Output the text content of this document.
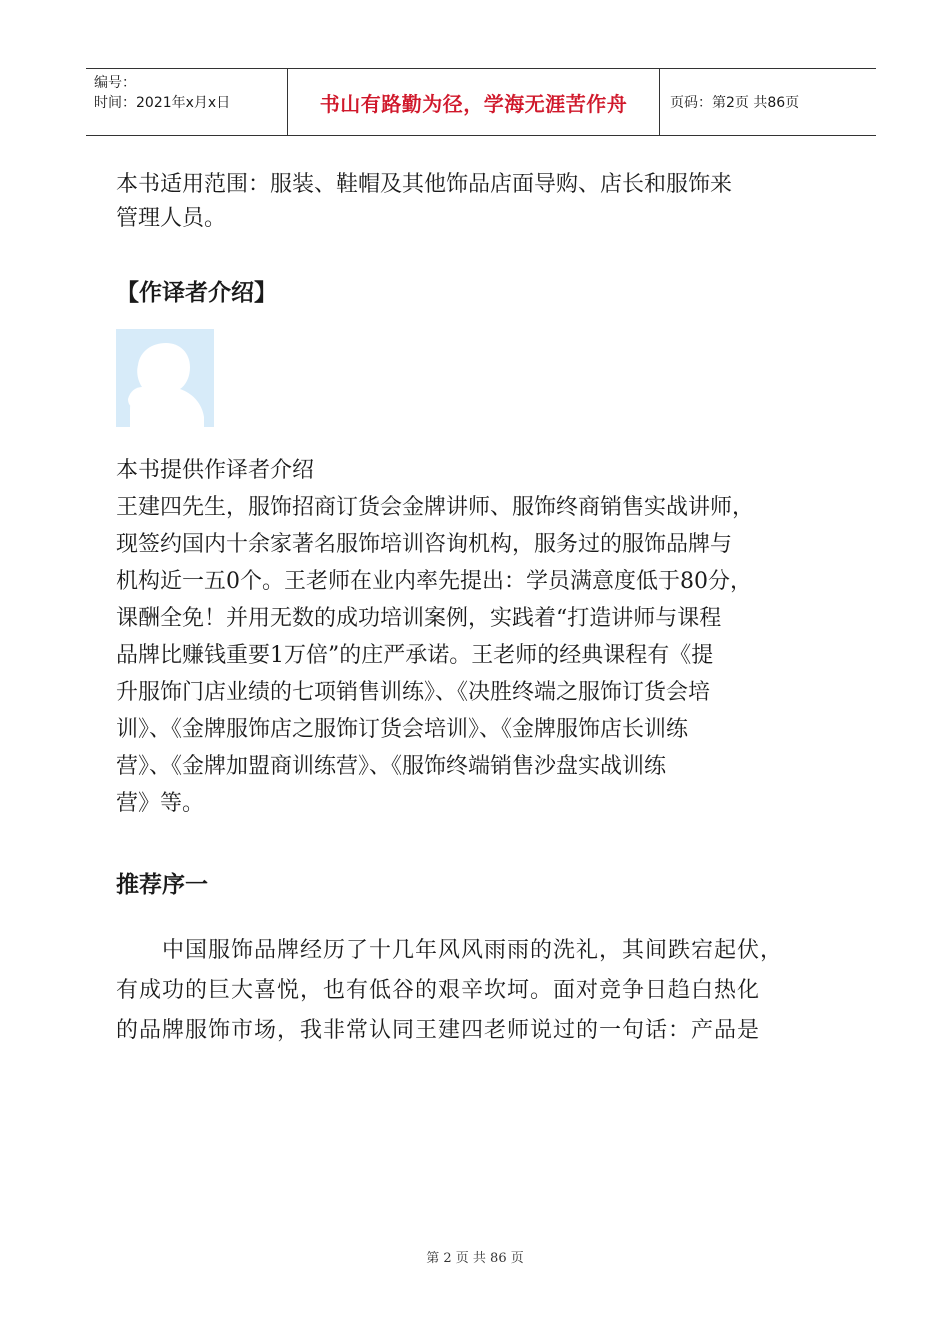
编号：
时间：2021年x月x日	书山有路勤为径，学海无涯苦作舟	页码：第2页 共86页

本书适用范围：服装、鞋帽及其他饰品店面导购、店长和服饰来

管理人员。

【作译者介绍】

本书提供作译者介绍

王建四先生，服饰招商订货会金牌讲师、服饰终商销售实战讲师，

现签约国内十余家著名服饰培训咨询机构，服务过的服饰品牌与

机构近一五0个。王老师在业内率先提出：学员满意度低于80分，

课酬全免！并用无数的成功培训案例，实践着“打造讲师与课程

品牌比赚钱重要1万倍”的庄严承诺。王老师的经典课程有《提

升服饰门店业绩的七项销售训练》、《决胜终端之服饰订货会培

训》、《金牌服饰店之服饰订货会培训》、《金牌服饰店长训练

营》、《金牌加盟商训练营》、《服饰终端销售沙盘实战训练

营》等。

推荐序一

　　中国服饰品牌经历了十几年风风雨雨的洗礼，其间跌宕起伏，

有成功的巨大喜悦，也有低谷的艰辛坎坷。面对竞争日趋白热化

的品牌服饰市场，我非常认同王建四老师说过的一句话：产品是

第 2 页 共 86 页
